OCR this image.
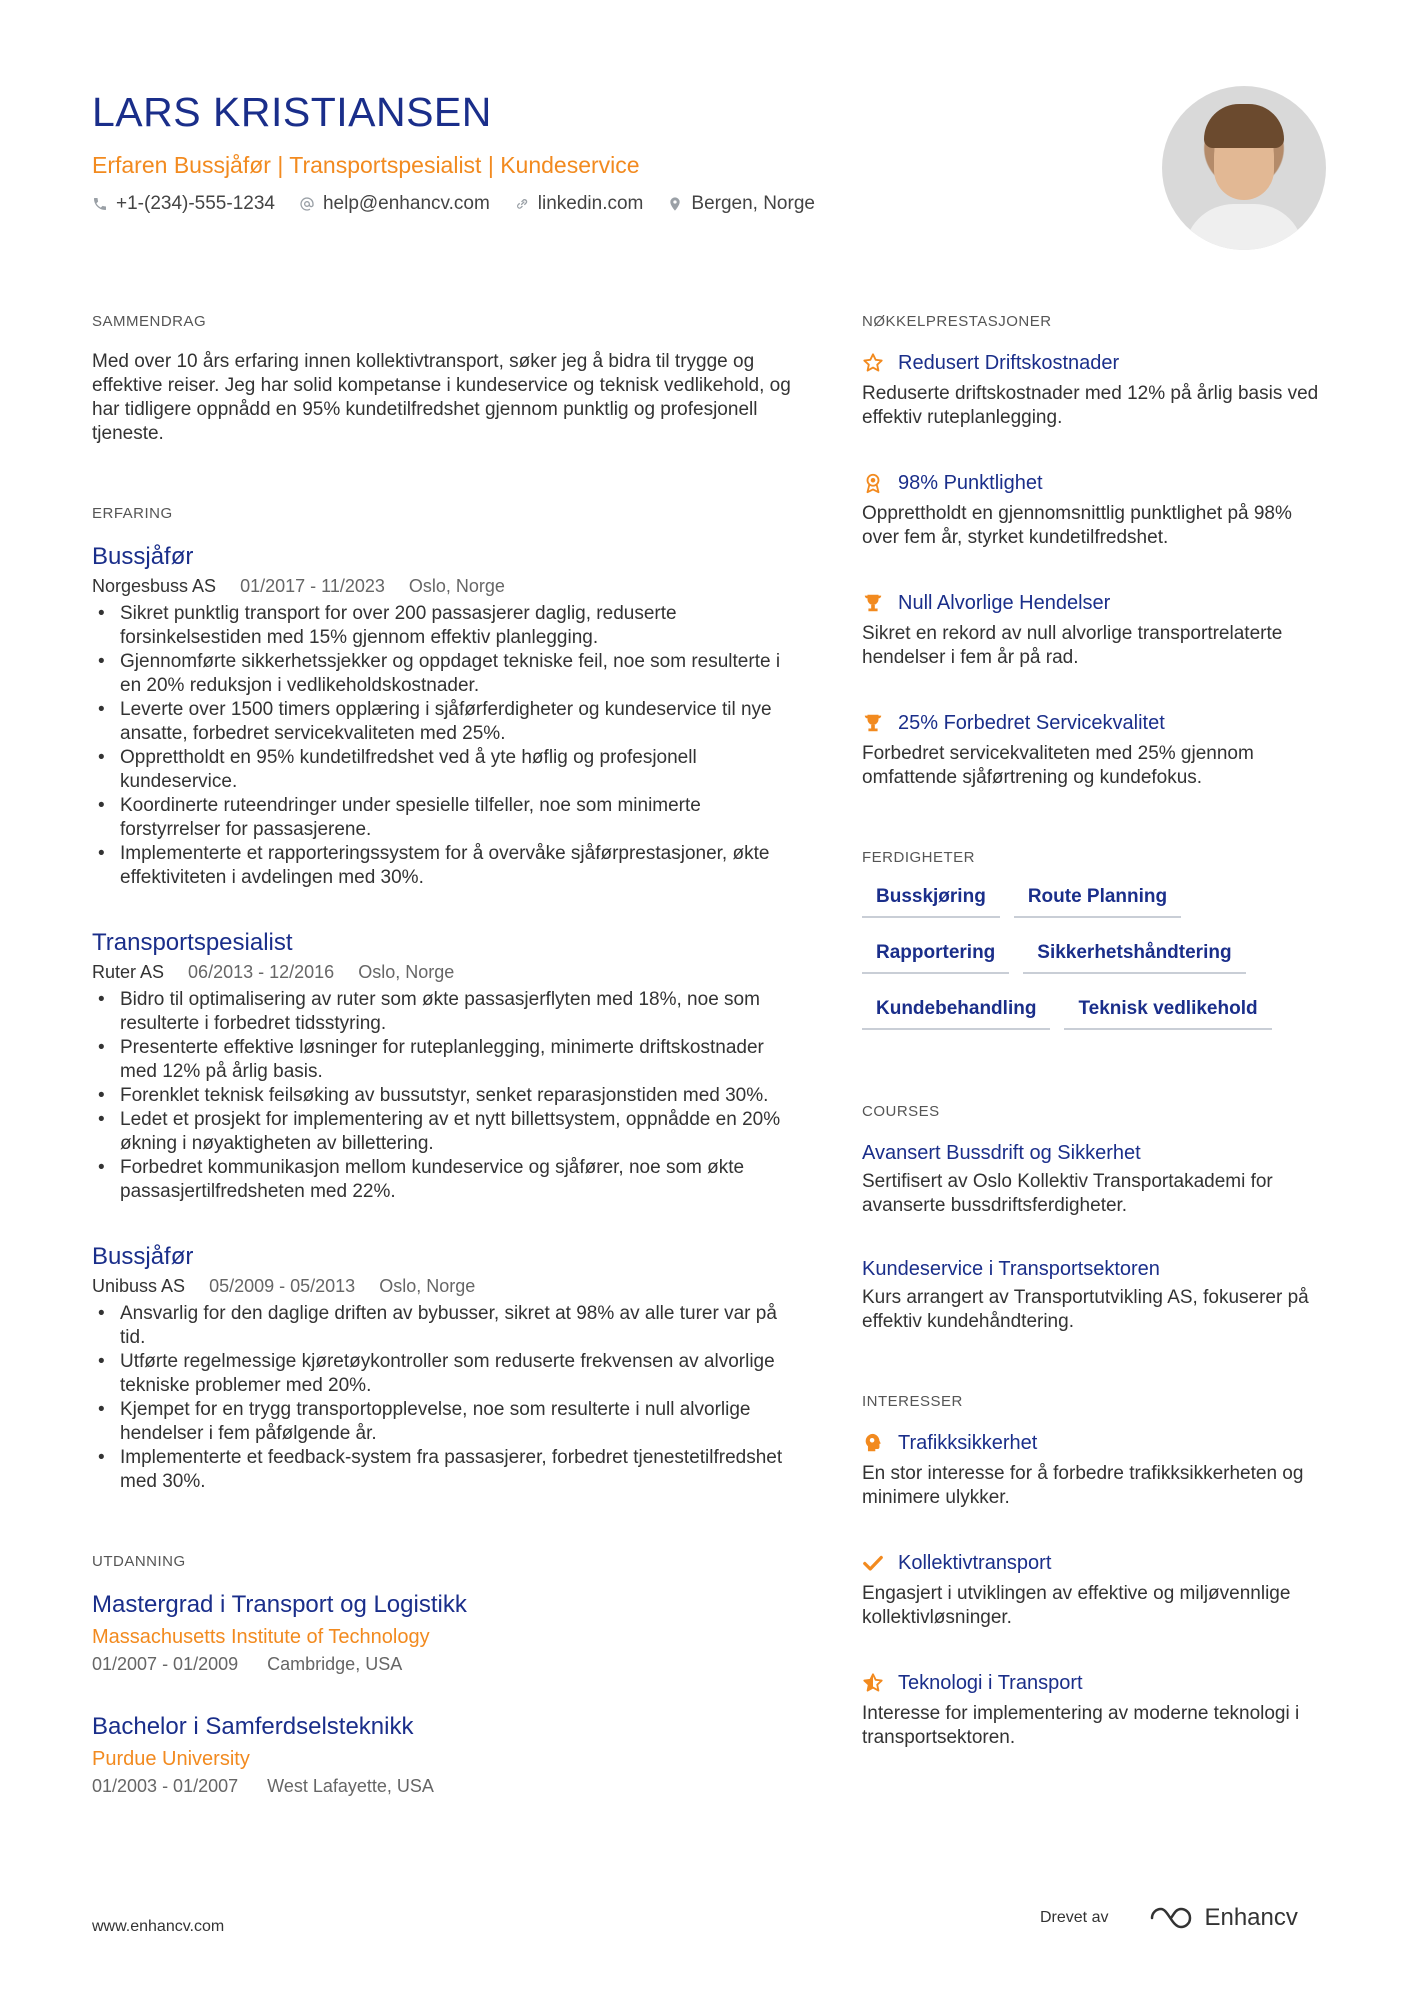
LARS KRISTIANSEN
Erfaren Bussjåfør | Transportspesialist | Kundeservice
+1-(234)-555-1234	help@enhancv.com	linkedin.com	Bergen, Norge
SAMMENDRAG
Med over 10 års erfaring innen kollektivtransport, søker jeg å bidra til trygge og effektive reiser. Jeg har solid kompetanse i kundeservice og teknisk vedlikehold, og har tidligere oppnådd en 95% kundetilfredshet gjennom punktlig og profesjonell tjeneste.
ERFARING
Bussjåfør
Norgesbuss AS 01/2017 - 11/2023 Oslo, Norge
• Sikret punktlig transport for over 200 passasjerer daglig, reduserte forsinkelsestiden med 15% gjennom effektiv planlegging.
• Gjennomførte sikkerhetssjekker og oppdaget tekniske feil, noe som resulterte i en 20% reduksjon i vedlikeholdskostnader.
• Leverte over 1500 timers opplæring i sjåførferdigheter og kundeservice til nye ansatte, forbedret servicekvaliteten med 25%.
• Opprettholdt en 95% kundetilfredshet ved å yte høflig og profesjonell kundeservice.
• Koordinerte ruteendringer under spesielle tilfeller, noe som minimerte forstyrrelser for passasjerene.
• Implementerte et rapporteringssystem for å overvåke sjåførprestasjoner, økte effektiviteten i avdelingen med 30%.
Transportspesialist
Ruter AS 06/2013 - 12/2016 Oslo, Norge
• Bidro til optimalisering av ruter som økte passasjerflyten med 18%, noe som resulterte i forbedret tidsstyring.
• Presenterte effektive løsninger for ruteplanlegging, minimerte driftskostnader med 12% på årlig basis.
• Forenklet teknisk feilsøking av bussutstyr, senket reparasjonstiden med 30%.
• Ledet et prosjekt for implementering av et nytt billettsystem, oppnådde en 20% økning i nøyaktigheten av billettering.
• Forbedret kommunikasjon mellom kundeservice og sjåfører, noe som økte passasjertilfredsheten med 22%.
Bussjåfør
Unibuss AS 05/2009 - 05/2013 Oslo, Norge
• Ansvarlig for den daglige driften av bybusser, sikret at 98% av alle turer var på tid.
• Utførte regelmessige kjøretøykontroller som reduserte frekvensen av alvorlige tekniske problemer med 20%.
• Kjempet for en trygg transportopplevelse, noe som resulterte i null alvorlige hendelser i fem påfølgende år.
• Implementerte et feedback-system fra passasjerer, forbedret tjenestetilfredshet med 30%.
UTDANNING
Mastergrad i Transport og Logistikk
Massachusetts Institute of Technology
01/2007 - 01/2009 Cambridge, USA
Bachelor i Samferdselsteknikk
Purdue University
01/2003 - 01/2007 West Lafayette, USA
NØKKELPRESTASJONER
Redusert Driftskostnader
Reduserte driftskostnader med 12% på årlig basis ved effektiv ruteplanlegging.
98% Punktlighet
Opprettholdt en gjennomsnittlig punktlighet på 98% over fem år, styrket kundetilfredshet.
Null Alvorlige Hendelser
Sikret en rekord av null alvorlige transportrelaterte hendelser i fem år på rad.
25% Forbedret Servicekvalitet
Forbedret servicekvaliteten med 25% gjennom omfattende sjåførtrening og kundefokus.
FERDIGHETER
Busskjøring	Route Planning
Rapportering	Sikkerhetshåndtering
Kundebehandling	Teknisk vedlikehold
COURSES
Avansert Bussdrift og Sikkerhet
Sertifisert av Oslo Kollektiv Transportakademi for avanserte bussdriftsferdigheter.
Kundeservice i Transportsektoren
Kurs arrangert av Transportutvikling AS, fokuserer på effektiv kundehåndtering.
INTERESSER
Trafikksikkerhet
En stor interesse for å forbedre trafikksikkerheten og minimere ulykker.
Kollektivtransport
Engasjert i utviklingen av effektive og miljøvennlige kollektivløsninger.
Teknologi i Transport
Interesse for implementering av moderne teknologi i transportsektoren.
www.enhancv.com
Drevet av	Enhancv
